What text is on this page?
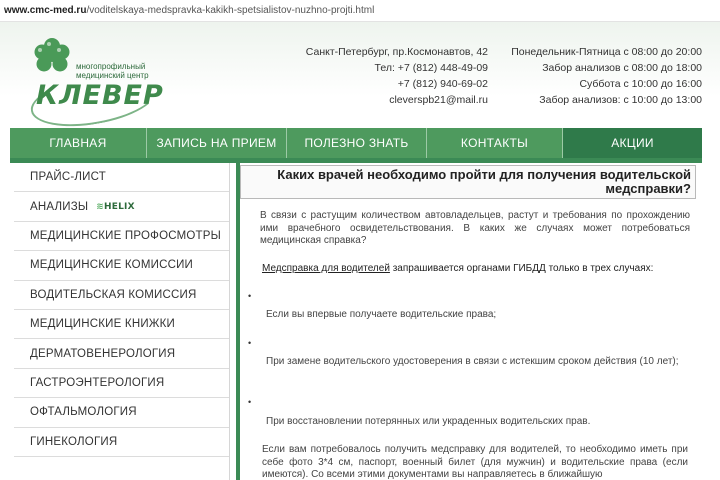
www.cmc-med.ru/voditelskaya-medspravka-kakikh-spetsialistov-nuzhno-projti.html
многопрофильный
медицинский центр
КЛЕВЕР
Санкт-Петербург, пр.Космонавтов, 42
Тел: +7 (812) 448-49-09
+7 (812) 940-69-02
cleverspb21@mail.ru
Понедельник-Пятница с 08:00 до 20:00
Забор анализов с 08:00 до 18:00
Суббота с 10:00 до 16:00
Забор анализов: с 10:00 до 13:00
ГЛАВНАЯ	ЗАПИСЬ НА ПРИЕМ	ПОЛЕЗНО ЗНАТЬ	КОНТАКТЫ	АКЦИИ
ПРАЙС-ЛИСТ
АНАЛИЗЫ ≋HELIX
МЕДИЦИНСКИЕ ПРОФОСМОТРЫ
МЕДИЦИНСКИЕ КОМИССИИ
ВОДИТЕЛЬСКАЯ КОМИССИЯ
МЕДИЦИНСКИЕ КНИЖКИ
ДЕРМАТОВЕНЕРОЛОГИЯ
ГАСТРОЭНТЕРОЛОГИЯ
ОФТАЛЬМОЛОГИЯ
ГИНЕКОЛОГИЯ
Каких врачей необходимо пройти для получения водительской медсправки?
В связи с растущим количеством автовладельцев, растут и требования по прохождению ими врачебного освидетельствования. В каких же случаях может потребоваться медицинская справка?
Медсправка для водителей запрашивается органами ГИБДД только в трех случаях:
•
Если вы впервые получаете водительские права;
•
При замене водительского удостоверения в связи с истекшим сроком действия (10 лет);
•
При восстановлении потерянных или украденных водительских прав.
Если вам потребовалось получить медсправку для водителей, то необходимо иметь при себе фото 3*4 см, паспорт, военный билет (для мужчин) и водительские права (если имеются). Со всеми этими документами вы направляетесь в ближайшую
